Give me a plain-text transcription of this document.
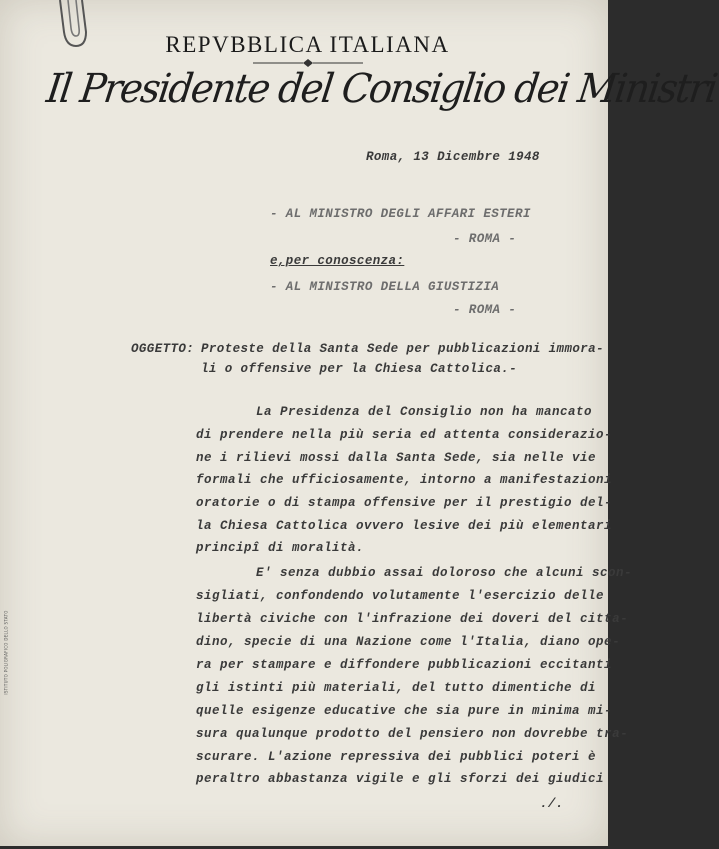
ISTITUTO POLIGRAFICO DELLO STATO
REPVBBLICA ITALIANA
Il Presidente del Consiglio dei Ministri
Roma, 13 Dicembre 1948
- AL MINISTRO DEGLI AFFARI ESTERI
- ROMA -
e,per conoscenza:
- AL MINISTRO DELLA GIUSTIZIA
- ROMA -
OGGETTO: Proteste della Santa Sede per pubblicazioni immora-
li o offensive per la Chiesa Cattolica.-
La Presidenza del Consiglio non ha mancato
di prendere nella più seria ed attenta considerazio-
ne i rilievi mossi dalla Santa Sede, sia nelle vie
formali che ufficiosamente, intorno a manifestazioni
oratorie o di stampa offensive per il prestigio del-
la Chiesa Cattolica ovvero lesive dei più elementari
principî di moralità.
E' senza dubbio assai doloroso che alcuni scon-
sigliati, confondendo volutamente l'esercizio delle
libertà civiche con l'infrazione dei doveri del citta-
dino, specie di una Nazione come l'Italia, diano ope-
ra per stampare e diffondere pubblicazioni eccitanti
gli istinti più materiali, del tutto dimentiche di
quelle esigenze educative che sia pure in minima mi-
sura qualunque prodotto del pensiero non dovrebbe tra-
scurare. L'azione repressiva dei pubblici poteri è
peraltro abbastanza vigile e gli sforzi dei giudici
./.
